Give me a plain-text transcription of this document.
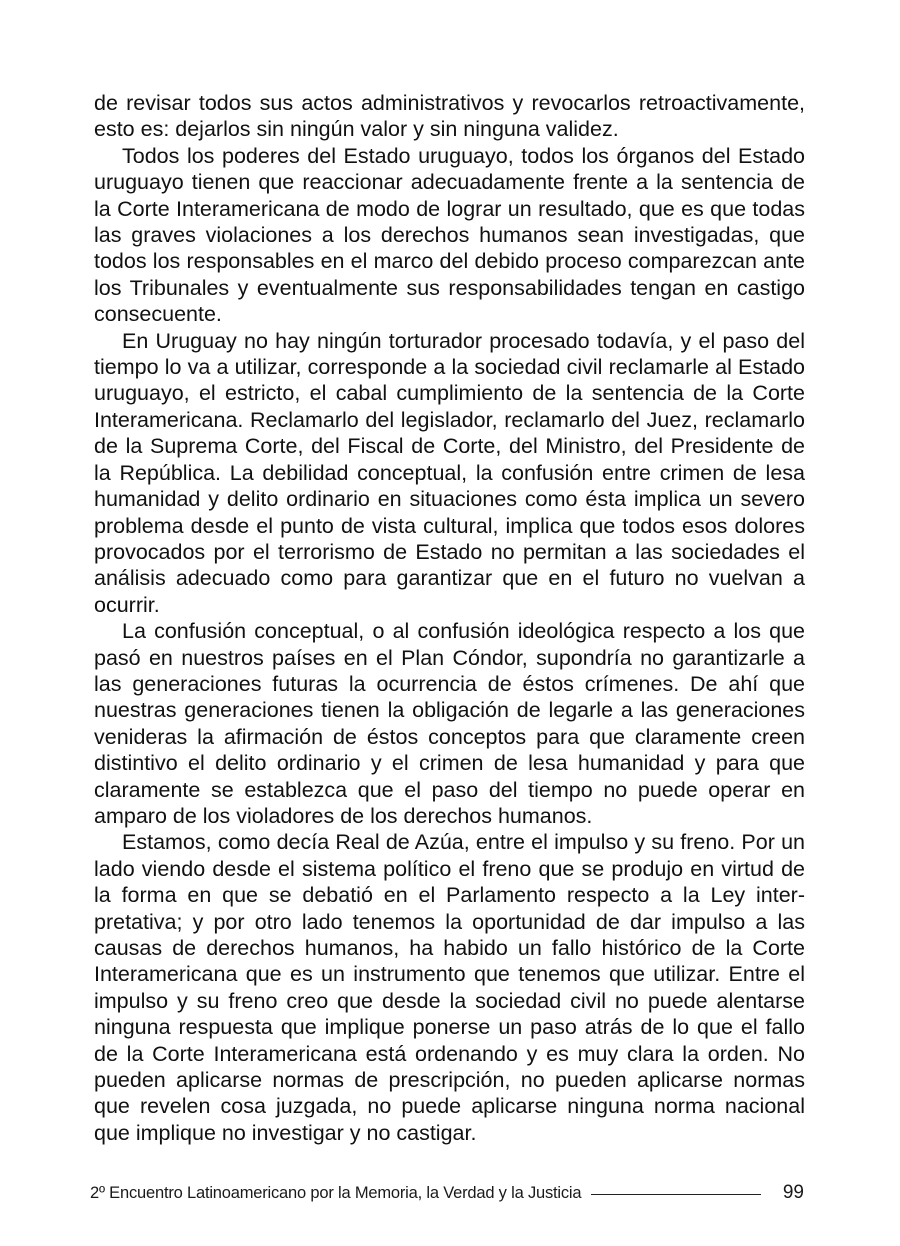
de revisar todos sus actos administrativos y revocarlos retroactivamente, esto es: dejarlos sin ningún valor y sin ninguna validez.

Todos los poderes del Estado uruguayo, todos los órganos del Estado uruguayo tienen que reaccionar adecuadamente frente a la sentencia de la Corte Interamericana de modo de lograr un resultado, que es que todas las graves violaciones a los derechos humanos sean investigadas, que todos los responsables en el marco del debido proceso comparezcan ante los Tribunales y eventualmente sus responsabilidades tengan en castigo consecuente.

En Uruguay no hay ningún torturador procesado todavía, y el paso del tiempo lo va a utilizar, corresponde a la sociedad civil reclamarle al Estado uruguayo, el estricto, el cabal cumplimiento de la sentencia de la Corte Interamericana. Reclamarlo del legislador, reclamarlo del Juez, reclamarlo de la Suprema Corte, del Fiscal de Corte, del Ministro, del Presidente de la República. La debilidad conceptual, la confusión entre crimen de lesa humanidad y delito ordinario en situaciones como ésta implica un severo problema desde el punto de vista cultural, implica que todos esos dolores provocados por el terrorismo de Estado no permitan a las sociedades el análisis adecuado como para garantizar que en el futuro no vuelvan a ocurrir.

La confusión conceptual, o al confusión ideológica respecto a los que pasó en nuestros países en el Plan Cóndor, supondría no garantizarle a las generaciones futuras la ocurrencia de éstos crímenes. De ahí que nuestras generaciones tienen la obligación de legarle a las generaciones venideras la afirmación de éstos conceptos para que claramente creen distintivo el delito ordinario y el crimen de lesa humanidad y para que claramente se establezca que el paso del tiempo no puede operar en amparo de los violadores de los derechos humanos.

Estamos, como decía Real de Azúa, entre el impulso y su freno. Por un lado viendo desde el sistema político el freno que se produjo en virtud de la forma en que se debatió en el Parlamento respecto a la Ley interpretativa; y por otro lado tenemos la oportunidad de dar impulso a las causas de derechos humanos, ha habido un fallo histórico de la Corte Interamericana que es un instrumento que tenemos que utilizar. Entre el impulso y su freno creo que desde la sociedad civil no puede alentarse ninguna respuesta que implique ponerse un paso atrás de lo que el fallo de la Corte Interamericana está ordenando y es muy clara la orden. No pueden aplicarse normas de prescripción, no pueden aplicarse normas que revelen cosa juzgada, no puede aplicarse ninguna norma nacional que implique no investigar y no castigar.

2º Encuentro Latinoamericano por la Memoria, la Verdad y la Justicia	99
